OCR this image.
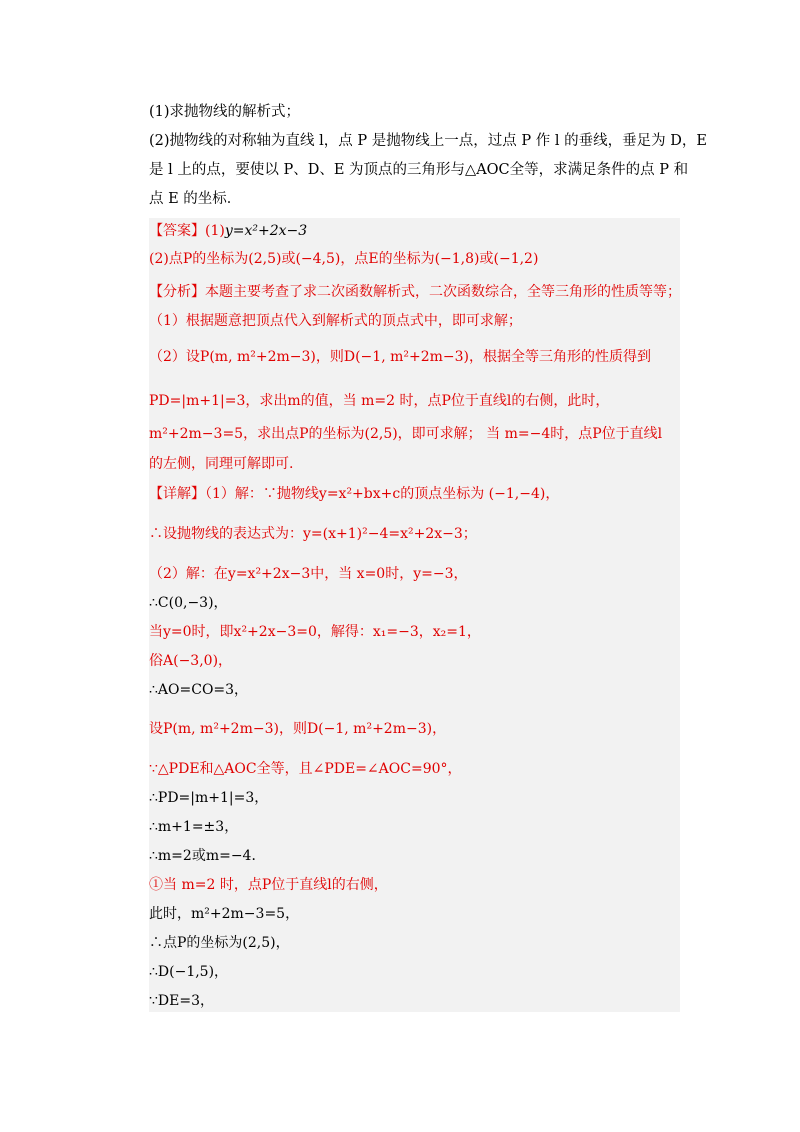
(1)求抛物线的解析式；
(2)抛物线的对称轴为直线 l，点 P 是抛物线上一点，过点 P 作 l 的垂线，垂足为 D，E
是 l 上的点，要使以 P、D、E 为顶点的三角形与△AOC全等，求满足条件的点 P 和
点 E 的坐标．
【答案】(1)y=x²+2x−3
(2)点P的坐标为(2,5)或(−4,5)，点E的坐标为(−1,8)或(−1,2)
【分析】本题主要考查了求二次函数解析式，二次函数综合，全等三角形的性质等等；
（1）根据题意把顶点代入到解析式的顶点式中，即可求解；
（2）设P(m, m²+2m−3)，则D(−1, m²+2m−3)，根据全等三角形的性质得到
PD=|m+1|=3，求出m的值，当 m=2 时，点P位于直线l的右侧，此时，
m²+2m−3=5，求出点P的坐标为(2,5)，即可求解； 当 m=−4时，点P位于直线l
的左侧，同理可解即可.
【详解】（1）解：∵抛物线y=x²+bx+c的顶点坐标为 (−1,−4)，
∴设抛物线的表达式为：y=(x+1)²−4=x²+2x−3；
（2）解：在y=x²+2x−3中，当 x=0时，y=−3，
∴C(0,−3)，
当y=0时，即x²+2x−3=0，解得：x₁=−3，x₂=1，
俗A(−3,0)，
∴AO=CO=3，
设P(m, m²+2m−3)，则D(−1, m²+2m−3)，
∵△PDE和△AOC全等，且∠PDE=∠AOC=90°，
∴PD=|m+1|=3，
∴m+1=±3，
∴m=2或m=−4．
①当 m=2 时，点P位于直线l的右侧，
此时，m²+2m−3=5，
∴点P的坐标为(2,5)，
∴D(−1,5)，
∵DE=3，
